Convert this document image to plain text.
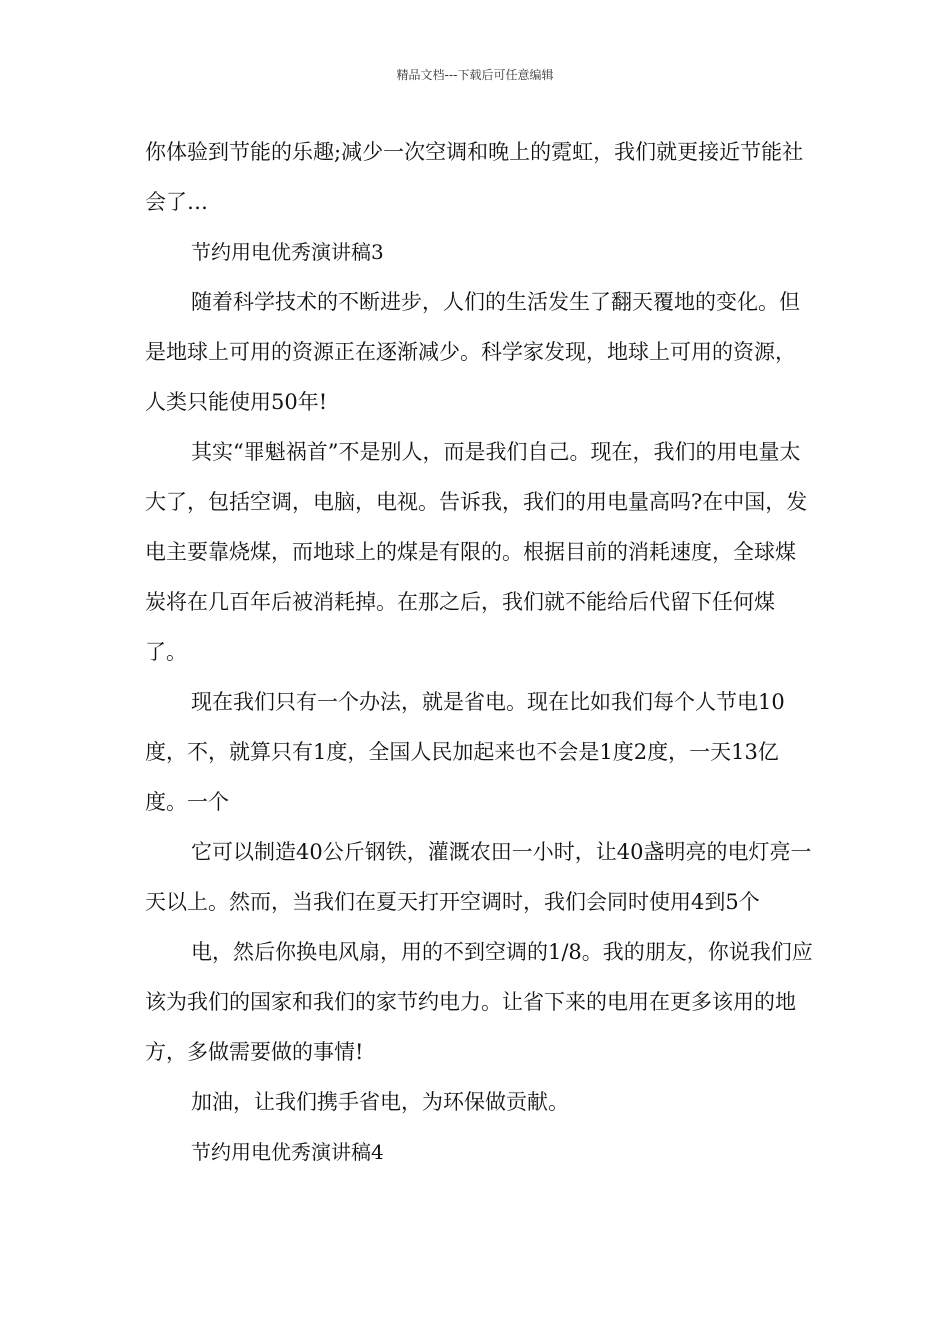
精品文档---下载后可任意编辑

你体验到节能的乐趣;减少一次空调和晚上的霓虹，我们就更接近节能社会了…

节约用电优秀演讲稿3

随着科学技术的不断进步，人们的生活发生了翻天覆地的变化。但是地球上可用的资源正在逐渐减少。科学家发现，地球上可用的资源，人类只能使用50年!

其实“罪魁祸首”不是别人，而是我们自己。现在，我们的用电量太大了，包括空调，电脑，电视。告诉我，我们的用电量高吗?在中国，发电主要靠烧煤，而地球上的煤是有限的。根据目前的消耗速度，全球煤炭将在几百年后被消耗掉。在那之后，我们就不能给后代留下任何煤了。

现在我们只有一个办法，就是省电。现在比如我们每个人节电10度，不，就算只有1度，全国人民加起来也不会是1度2度，一天13亿度。一个

它可以制造40公斤钢铁，灌溉农田一小时，让40盏明亮的电灯亮一天以上。然而，当我们在夏天打开空调时，我们会同时使用4到5个

电，然后你换电风扇，用的不到空调的1/8。我的朋友，你说我们应该为我们的国家和我们的家节约电力。让省下来的电用在更多该用的地方，多做需要做的事情!

加油，让我们携手省电，为环保做贡献。

节约用电优秀演讲稿4
